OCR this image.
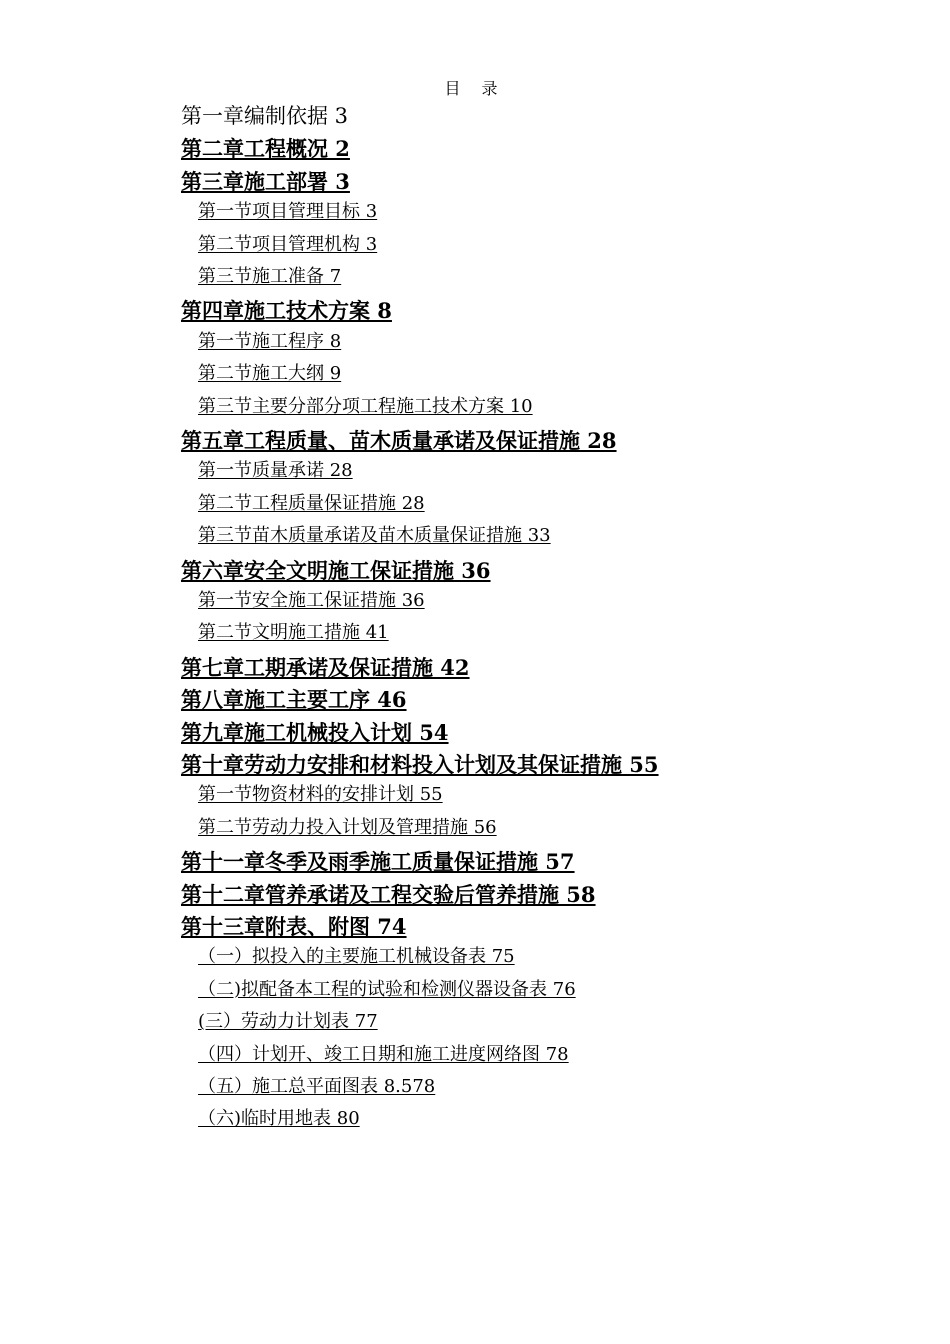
目 录
第一章编制依据 3
第二章工程概况 2
第三章施工部署 3
第一节项目管理目标 3
第二节项目管理机构 3
第三节施工准备 7
第四章施工技术方案 8
第一节施工程序 8
第二节施工大纲 9
第三节主要分部分项工程施工技术方案 10
第五章工程质量、苗木质量承诺及保证措施 28
第一节质量承诺 28
第二节工程质量保证措施 28
第三节苗木质量承诺及苗木质量保证措施 33
第六章安全文明施工保证措施 36
第一节安全施工保证措施 36
第二节文明施工措施 41
第七章工期承诺及保证措施 42
第八章施工主要工序 46
第九章施工机械投入计划 54
第十章劳动力安排和材料投入计划及其保证措施 55
第一节物资材料的安排计划 55
第二节劳动力投入计划及管理措施 56
第十一章冬季及雨季施工质量保证措施 57
第十二章管养承诺及工程交验后管养措施 58
第十三章附表、附图 74
（一）拟投入的主要施工机械设备表 75
（二)拟配备本工程的试验和检测仪器设备表 76
(三）劳动力计划表 77
（四）计划开、竣工日期和施工进度网络图 78
（五）施工总平面图表 8.578
（六)临时用地表 80
